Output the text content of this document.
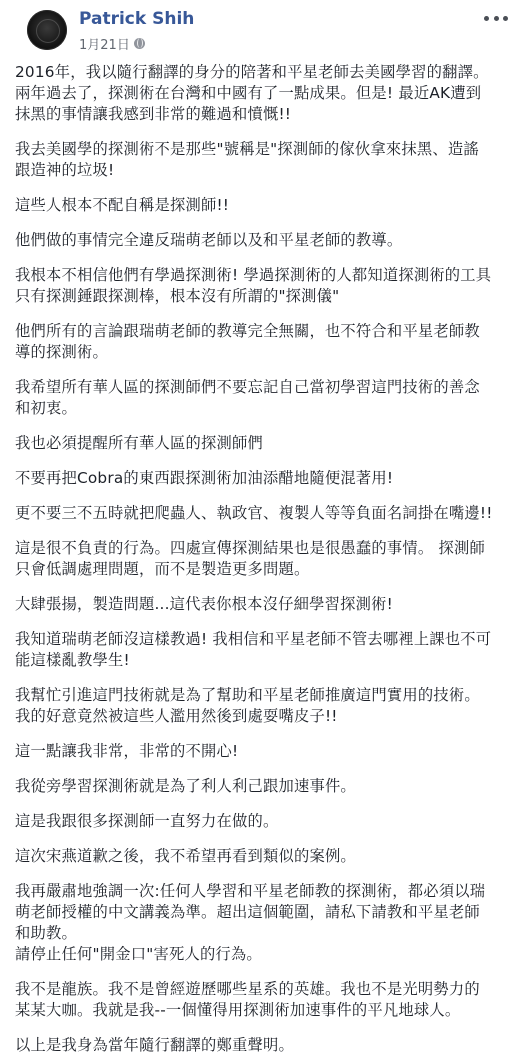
Patrick Shih
1月21日

2016年，我以隨行翻譯的身分的陪著和平星老師去美國學習的翻譯。
兩年過去了，探測術在台灣和中國有了一點成果。但是! 最近AK遭到
抹黑的事情讓我感到非常的難過和憤慨!!

我去美國學的探測術不是那些"號稱是"探測師的傢伙拿來抹黑、造謠
跟造神的垃圾!

這些人根本不配自稱是探測師!!

他們做的事情完全違反瑞萌老師以及和平星老師的教導。

我根本不相信他們有學過探測術! 學過探測術的人都知道探測術的工具
只有探測錘跟探測棒，根本沒有所謂的"探測儀"

他們所有的言論跟瑞萌老師的教導完全無關，也不符合和平星老師教
導的探測術。

我希望所有華人區的探測師們不要忘記自己當初學習這門技術的善念
和初衷。

我也必須提醒所有華人區的探測師們

不要再把Cobra的東西跟探測術加油添醋地隨便混著用!

更不要三不五時就把爬蟲人、執政官、複製人等等負面名詞掛在嘴邊!!

這是很不負責的行為。四處宣傳探測結果也是很愚蠢的事情。 探測師
只會低調處理問題，而不是製造更多問題。

大肆張揚，製造問題...這代表你根本沒仔細學習探測術!

我知道瑞萌老師沒這樣教過! 我相信和平星老師不管去哪裡上課也不可
能這樣亂教學生!

我幫忙引進這門技術就是為了幫助和平星老師推廣這門實用的技術。
我的好意竟然被這些人濫用然後到處耍嘴皮子!!

這一點讓我非常，非常的不開心!

我從旁學習探測術就是為了利人利己跟加速事件。

這是我跟很多探測師一直努力在做的。

這次宋燕道歉之後，我不希望再看到類似的案例。

我再嚴肅地強調一次:任何人學習和平星老師教的探測術，都必須以瑞
萌老師授權的中文講義為準。超出這個範圍，請私下請教和平星老師
和助教。

請停止任何"開金口"害死人的行為。

我不是龍族。我不是曾經遊歷哪些星系的英雄。我也不是光明勢力的
某某大咖。我就是我--一個懂得用探測術加速事件的平凡地球人。

以上是我身為當年隨行翻譯的鄭重聲明。
